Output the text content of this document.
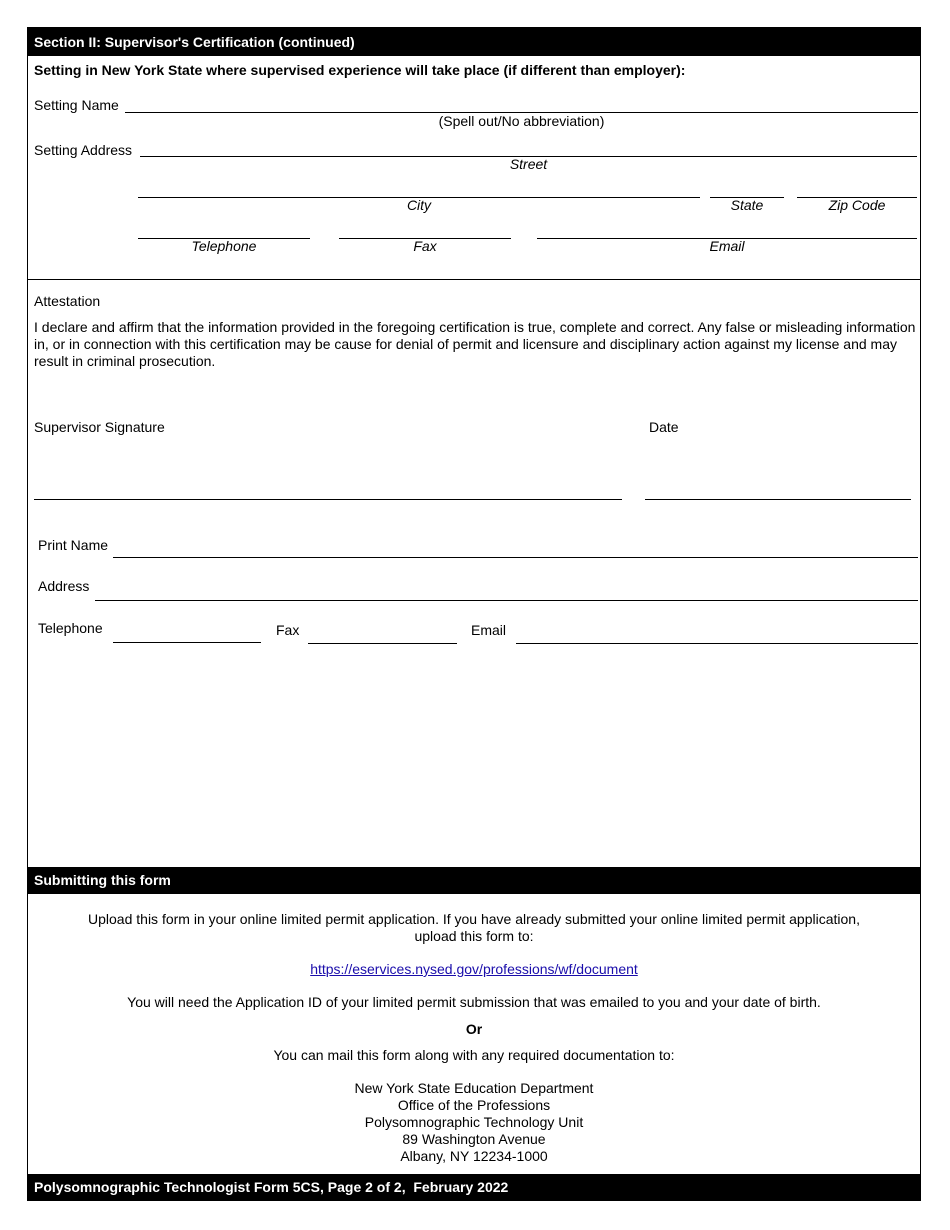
Section II: Supervisor's Certification (continued)
Setting in New York State where supervised experience will take place (if different than employer):
Setting Name
(Spell out/No abbreviation)
Setting Address
Street
City	State	Zip Code
Telephone	Fax	Email
Attestation
I declare and affirm that the information provided in the foregoing certification is true, complete and correct. Any false or misleading information in, or in connection with this certification may be cause for denial of permit and licensure and disciplinary action against my license and may result in criminal prosecution.
Supervisor Signature	Date
Print Name
Address
Telephone	Fax	Email
Submitting this form
Upload this form in your online limited permit application. If you have already submitted your online limited permit application, upload this form to:
https://eservices.nysed.gov/professions/wf/document
You will need the Application ID of your limited permit submission that was emailed to you and your date of birth.
Or
You can mail this form along with any required documentation to:
New York State Education Department
Office of the Professions
Polysomnographic Technology Unit
89 Washington Avenue
Albany, NY 12234-1000
Polysomnographic Technologist Form 5CS, Page 2 of 2,  February 2022
